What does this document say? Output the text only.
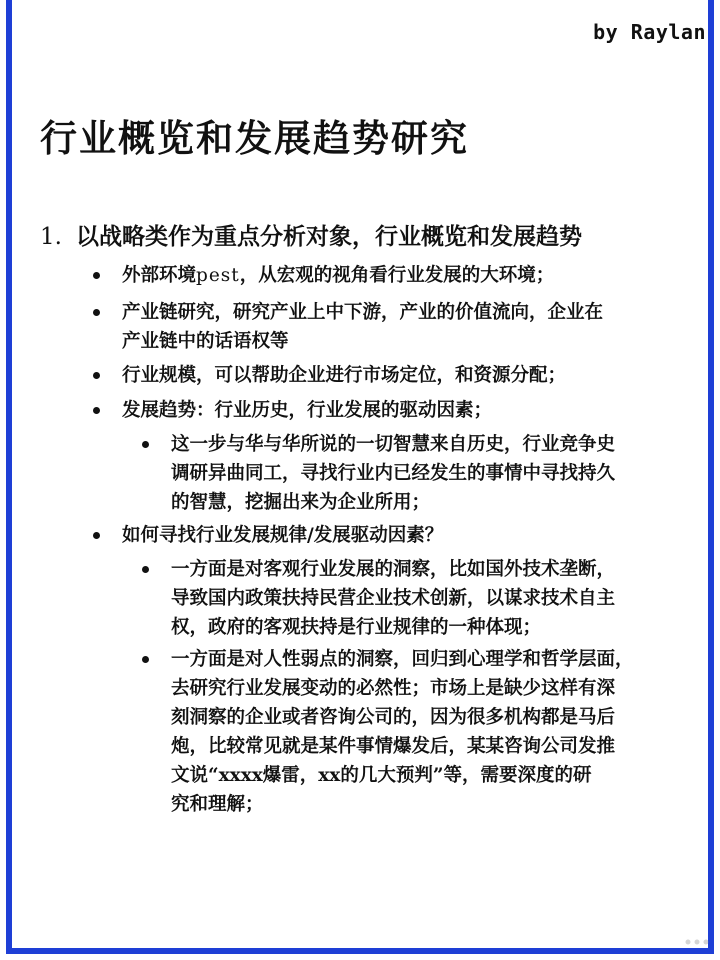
by Raylan
行业概览和发展趋势研究
1. 以战略类作为重点分析对象，行业概览和发展趋势
外部环境pest，从宏观的视角看行业发展的大环境；
产业链研究，研究产业上中下游，产业的价值流向，企业在
产业链中的话语权等
行业规模，可以帮助企业进行市场定位，和资源分配；
发展趋势：行业历史，行业发展的驱动因素；
这一步与华与华所说的一切智慧来自历史，行业竞争史
调研异曲同工，寻找行业内已经发生的事情中寻找持久
的智慧，挖掘出来为企业所用；
如何寻找行业发展规律/发展驱动因素？
一方面是对客观行业发展的洞察，比如国外技术垄断，
导致国内政策扶持民营企业技术创新，以谋求技术自主
权，政府的客观扶持是行业规律的一种体现；
一方面是对人性弱点的洞察，回归到心理学和哲学层面，
去研究行业发展变动的必然性；市场上是缺少这样有深
刻洞察的企业或者咨询公司的，因为很多机构都是马后
炮，比较常见就是某件事情爆发后，某某咨询公司发推
文说“xxxx爆雷，xx的几大预判”等，需要深度的研
究和理解；
